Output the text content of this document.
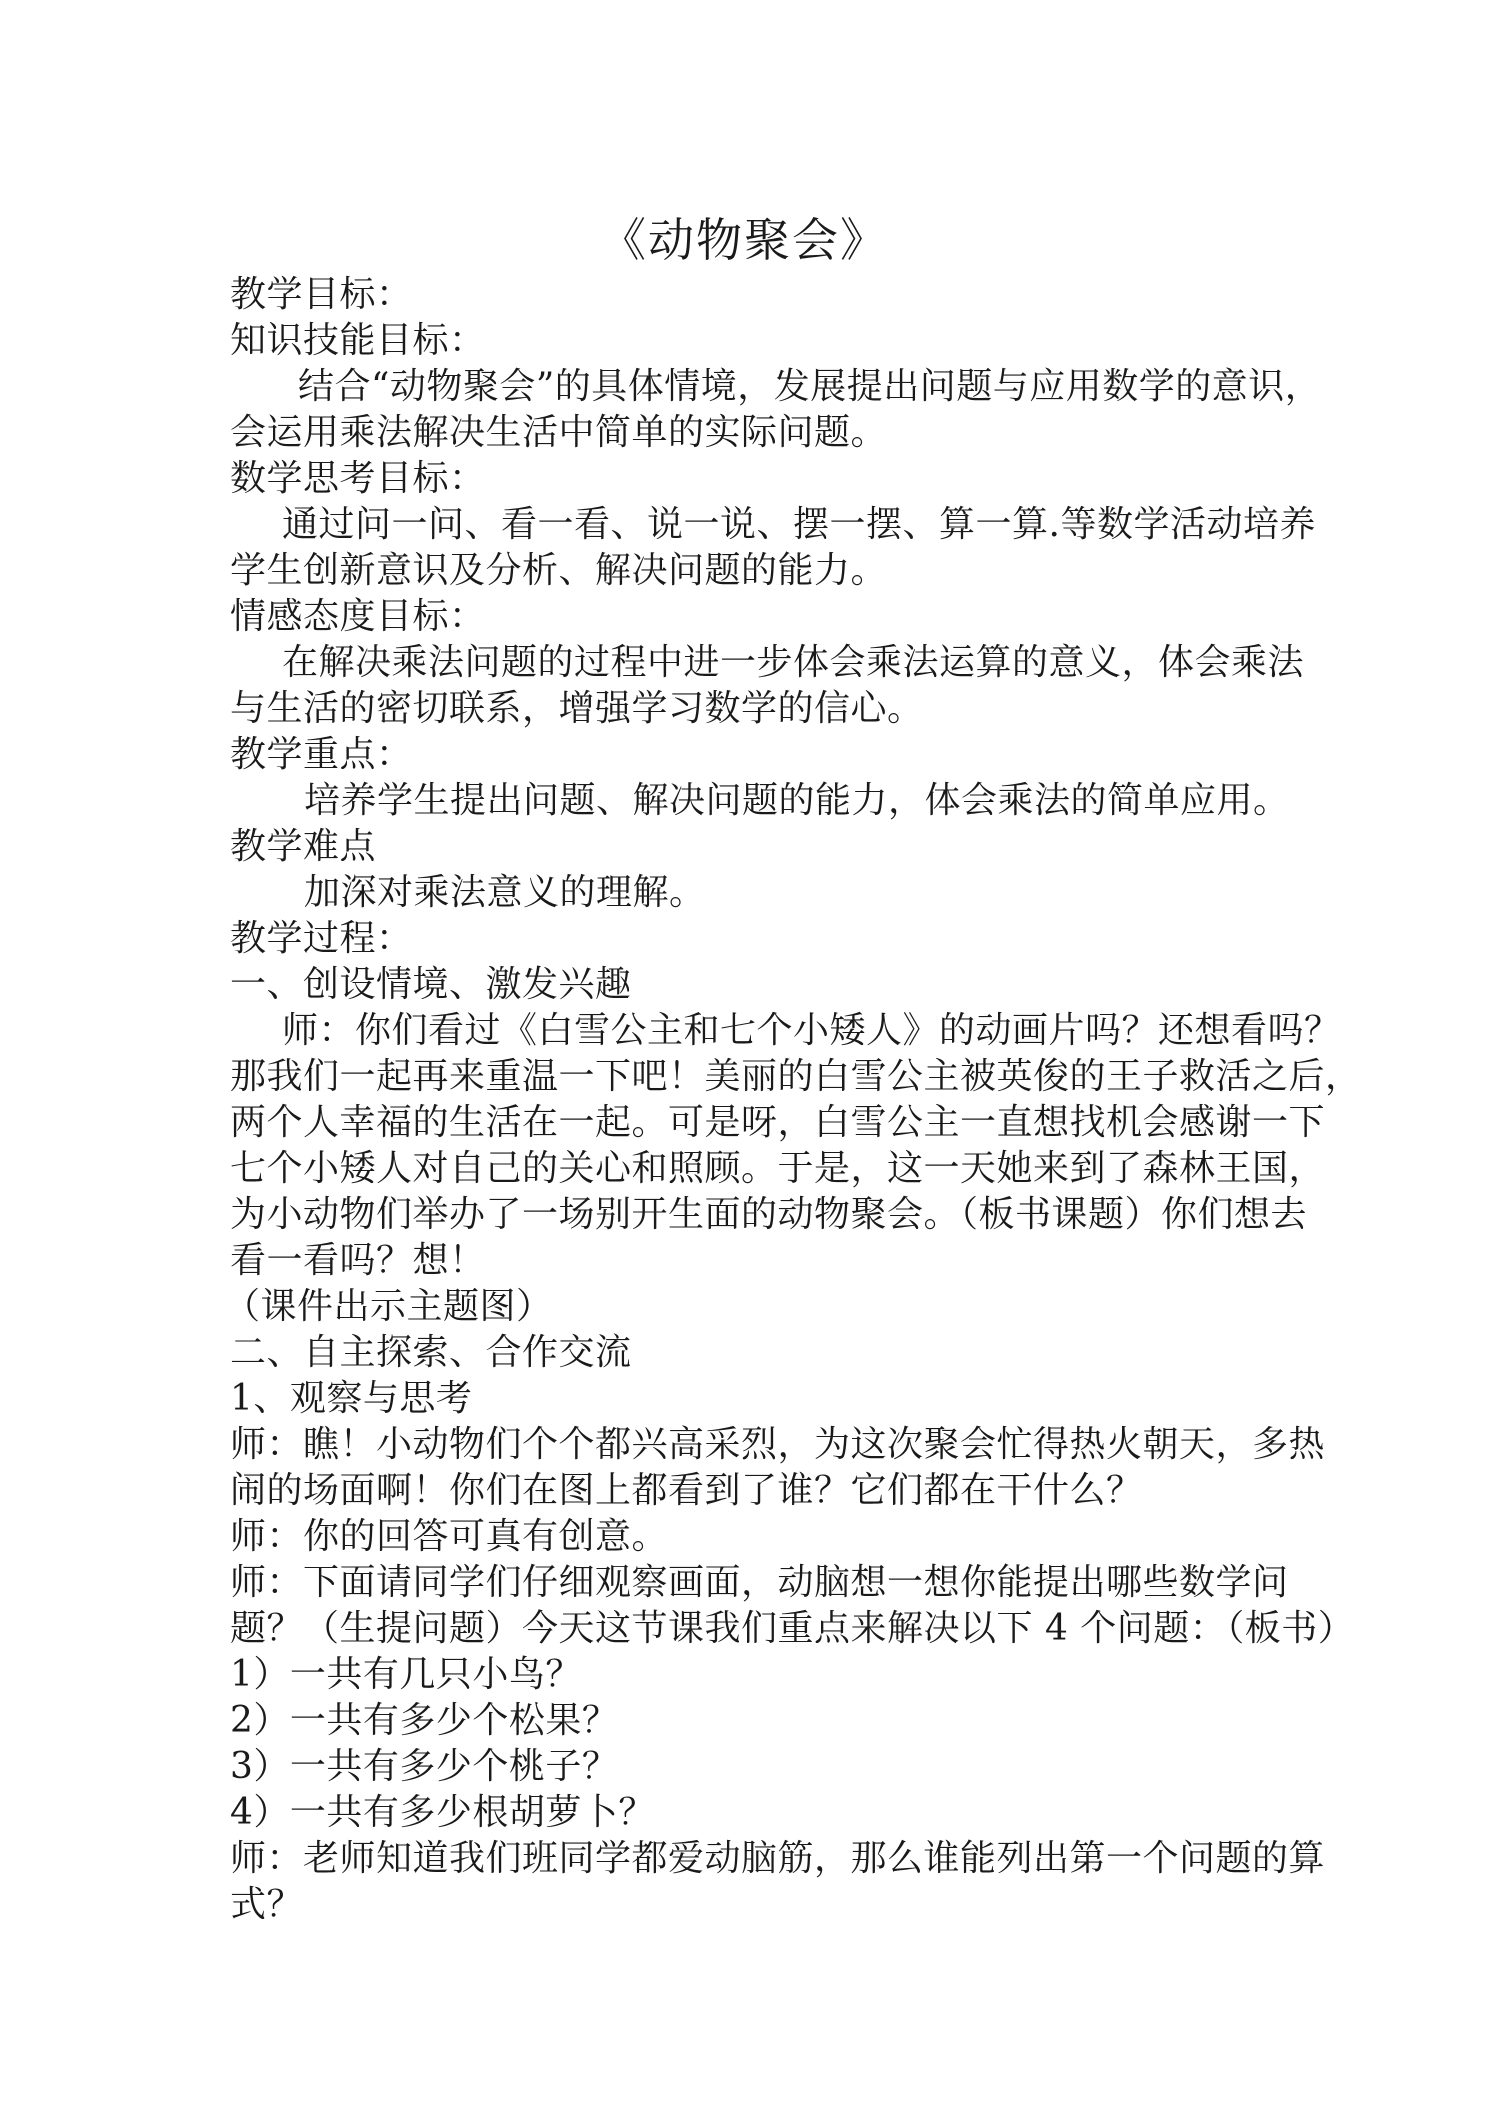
《动物聚会》
教学目标：
知识技能目标：
结合“动物聚会”的具体情境，发展提出问题与应用数学的意识，
会运用乘法解决生活中简单的实际问题。
数学思考目标：
通过问一问、看一看、说一说、摆一摆、算一算.等数学活动培养
学生创新意识及分析、解决问题的能力。
情感态度目标：
在解决乘法问题的过程中进一步体会乘法运算的意义，体会乘法
与生活的密切联系，增强学习数学的信心。
教学重点：
培养学生提出问题、解决问题的能力，体会乘法的简单应用。
教学难点
加深对乘法意义的理解。
教学过程：
一、创设情境、激发兴趣
师：你们看过《白雪公主和七个小矮人》的动画片吗？还想看吗？
那我们一起再来重温一下吧！美丽的白雪公主被英俊的王子救活之后，
两个人幸福的生活在一起。可是呀，白雪公主一直想找机会感谢一下
七个小矮人对自己的关心和照顾。于是，这一天她来到了森林王国，
为小动物们举办了一场别开生面的动物聚会。（板书课题）你们想去
看一看吗？想！
（课件出示主题图）
二、自主探索、合作交流
1、观察与思考
师：瞧！小动物们个个都兴高采烈，为这次聚会忙得热火朝天，多热
闹的场面啊！你们在图上都看到了谁？它们都在干什么？
师：你的回答可真有创意。
师：下面请同学们仔细观察画面，动脑想一想你能提出哪些数学问
题？（生提问题）今天这节课我们重点来解决以下 4 个问题：（板书）
1）一共有几只小鸟？
2）一共有多少个松果？
3）一共有多少个桃子？
4）一共有多少根胡萝卜？
师：老师知道我们班同学都爱动脑筋，那么谁能列出第一个问题的算
式？
